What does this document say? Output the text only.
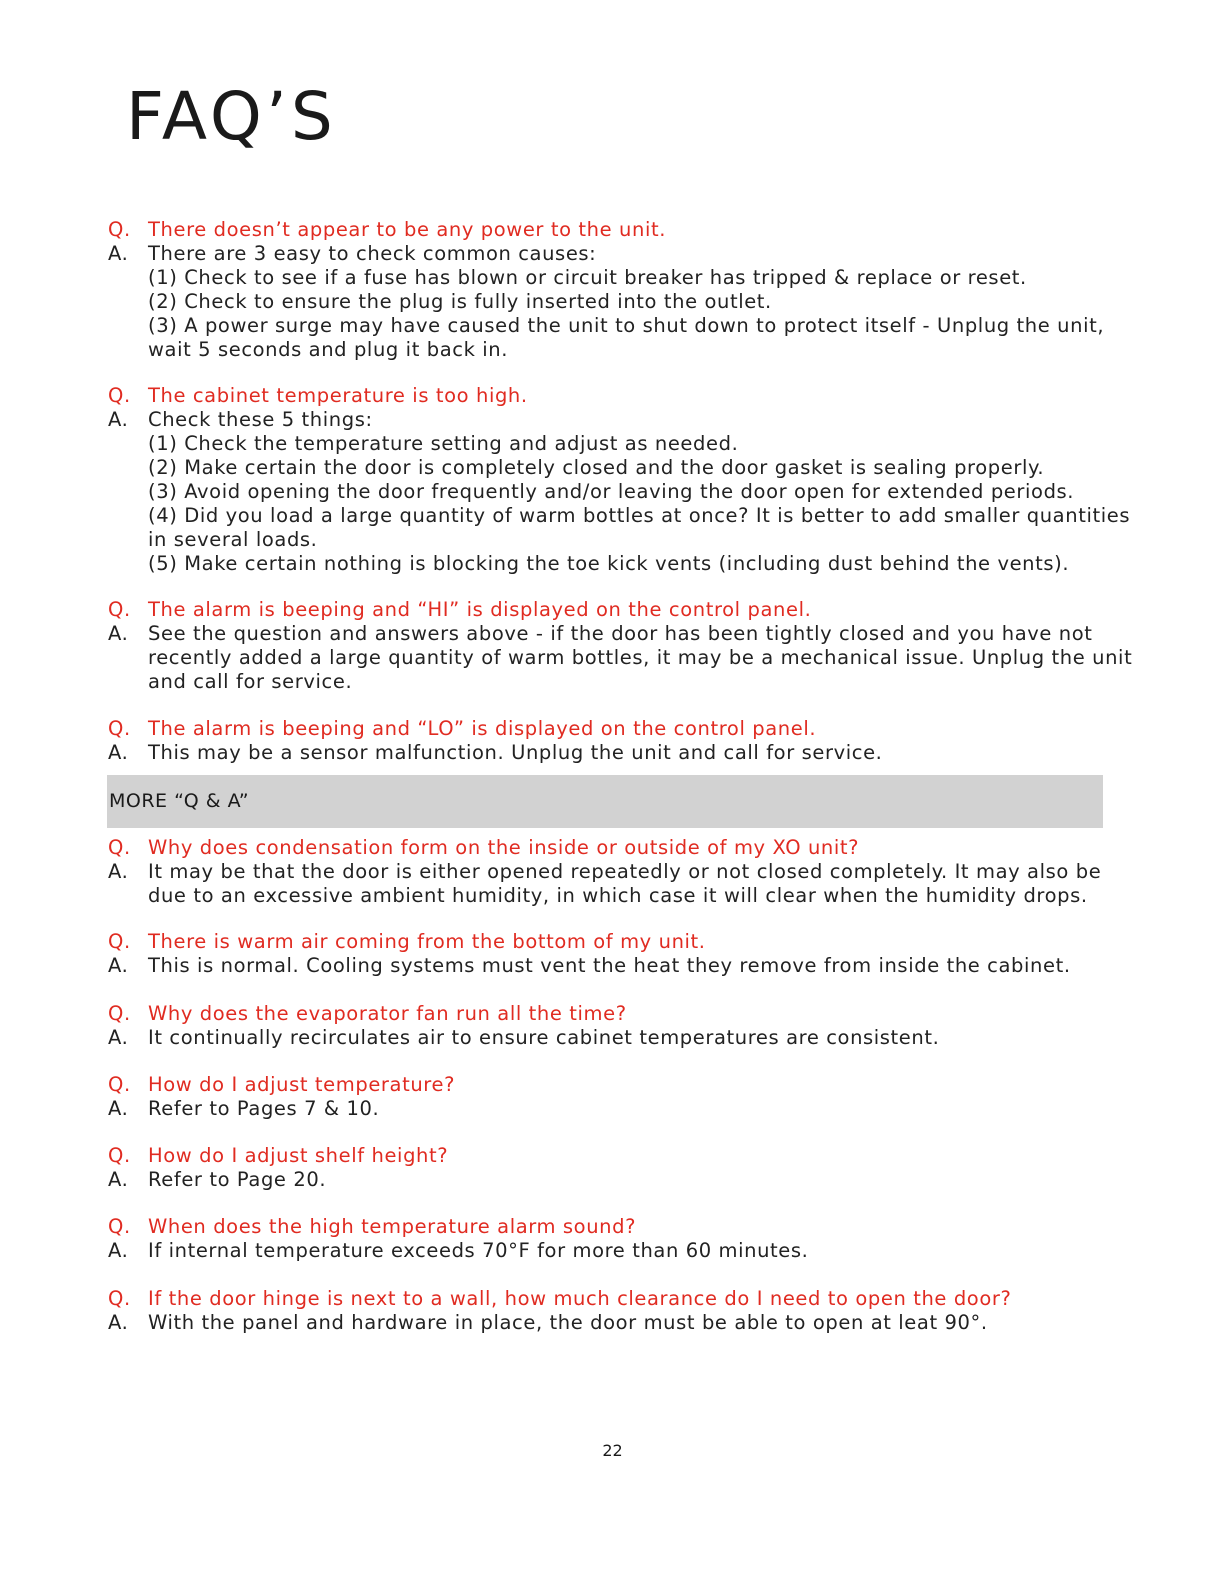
FAQ’S
Q. There doesn’t appear to be any power to the unit.
A.	There are 3 easy to check common causes:
(1) Check to see if a fuse has blown or circuit breaker has tripped & replace or reset.
(2) Check to ensure the plug is fully inserted into the outlet.
(3) A power surge may have caused the unit to shut down to protect itself - Unplug the unit,
wait 5 seconds and plug it back in.
Q. The cabinet temperature is too high.
A.	Check these 5 things:
(1) Check the temperature setting and adjust as needed.
(2) Make certain the door is completely closed and the door gasket is sealing properly.
(3) Avoid opening the door frequently and/or leaving the door open for extended periods.
(4) Did you load a large quantity of warm bottles at once? It is better to add smaller quantities
in several loads.
(5) Make certain nothing is blocking the toe kick vents (including dust behind the vents).
Q. The alarm is beeping and “HI” is displayed on the control panel.
A.	See the question and answers above - if the door has been tightly closed and you have not
recently added a large quantity of warm bottles, it may be a mechanical issue. Unplug the unit
and call for service.
Q. The alarm is beeping and “LO” is displayed on the control panel.
A.	This may be a sensor malfunction. Unplug the unit and call for service.
MORE “Q & A”
Q. Why does condensation form on the inside or outside of my XO unit?
A.	It may be that the door is either opened repeatedly or not closed completely. It may also be
due to an excessive ambient humidity, in which case it will clear when the humidity drops.
Q. There is warm air coming from the bottom of my unit.
A.	This is normal. Cooling systems must vent the heat they remove from inside the cabinet.
Q. Why does the evaporator fan run all the time?
A.	It continually recirculates air to ensure cabinet temperatures are consistent.
Q. How do I adjust temperature?
A.	Refer to Pages 7 & 10.
Q. How do I adjust shelf height?
A.	Refer to Page 20.
Q. When does the high temperature alarm sound?
A.	If internal temperature exceeds 70°F for more than 60 minutes.
Q. If the door hinge is next to a wall, how much clearance do I need to open the door?
A.	With the panel and hardware in place, the door must be able to open at leat 90°.
22
